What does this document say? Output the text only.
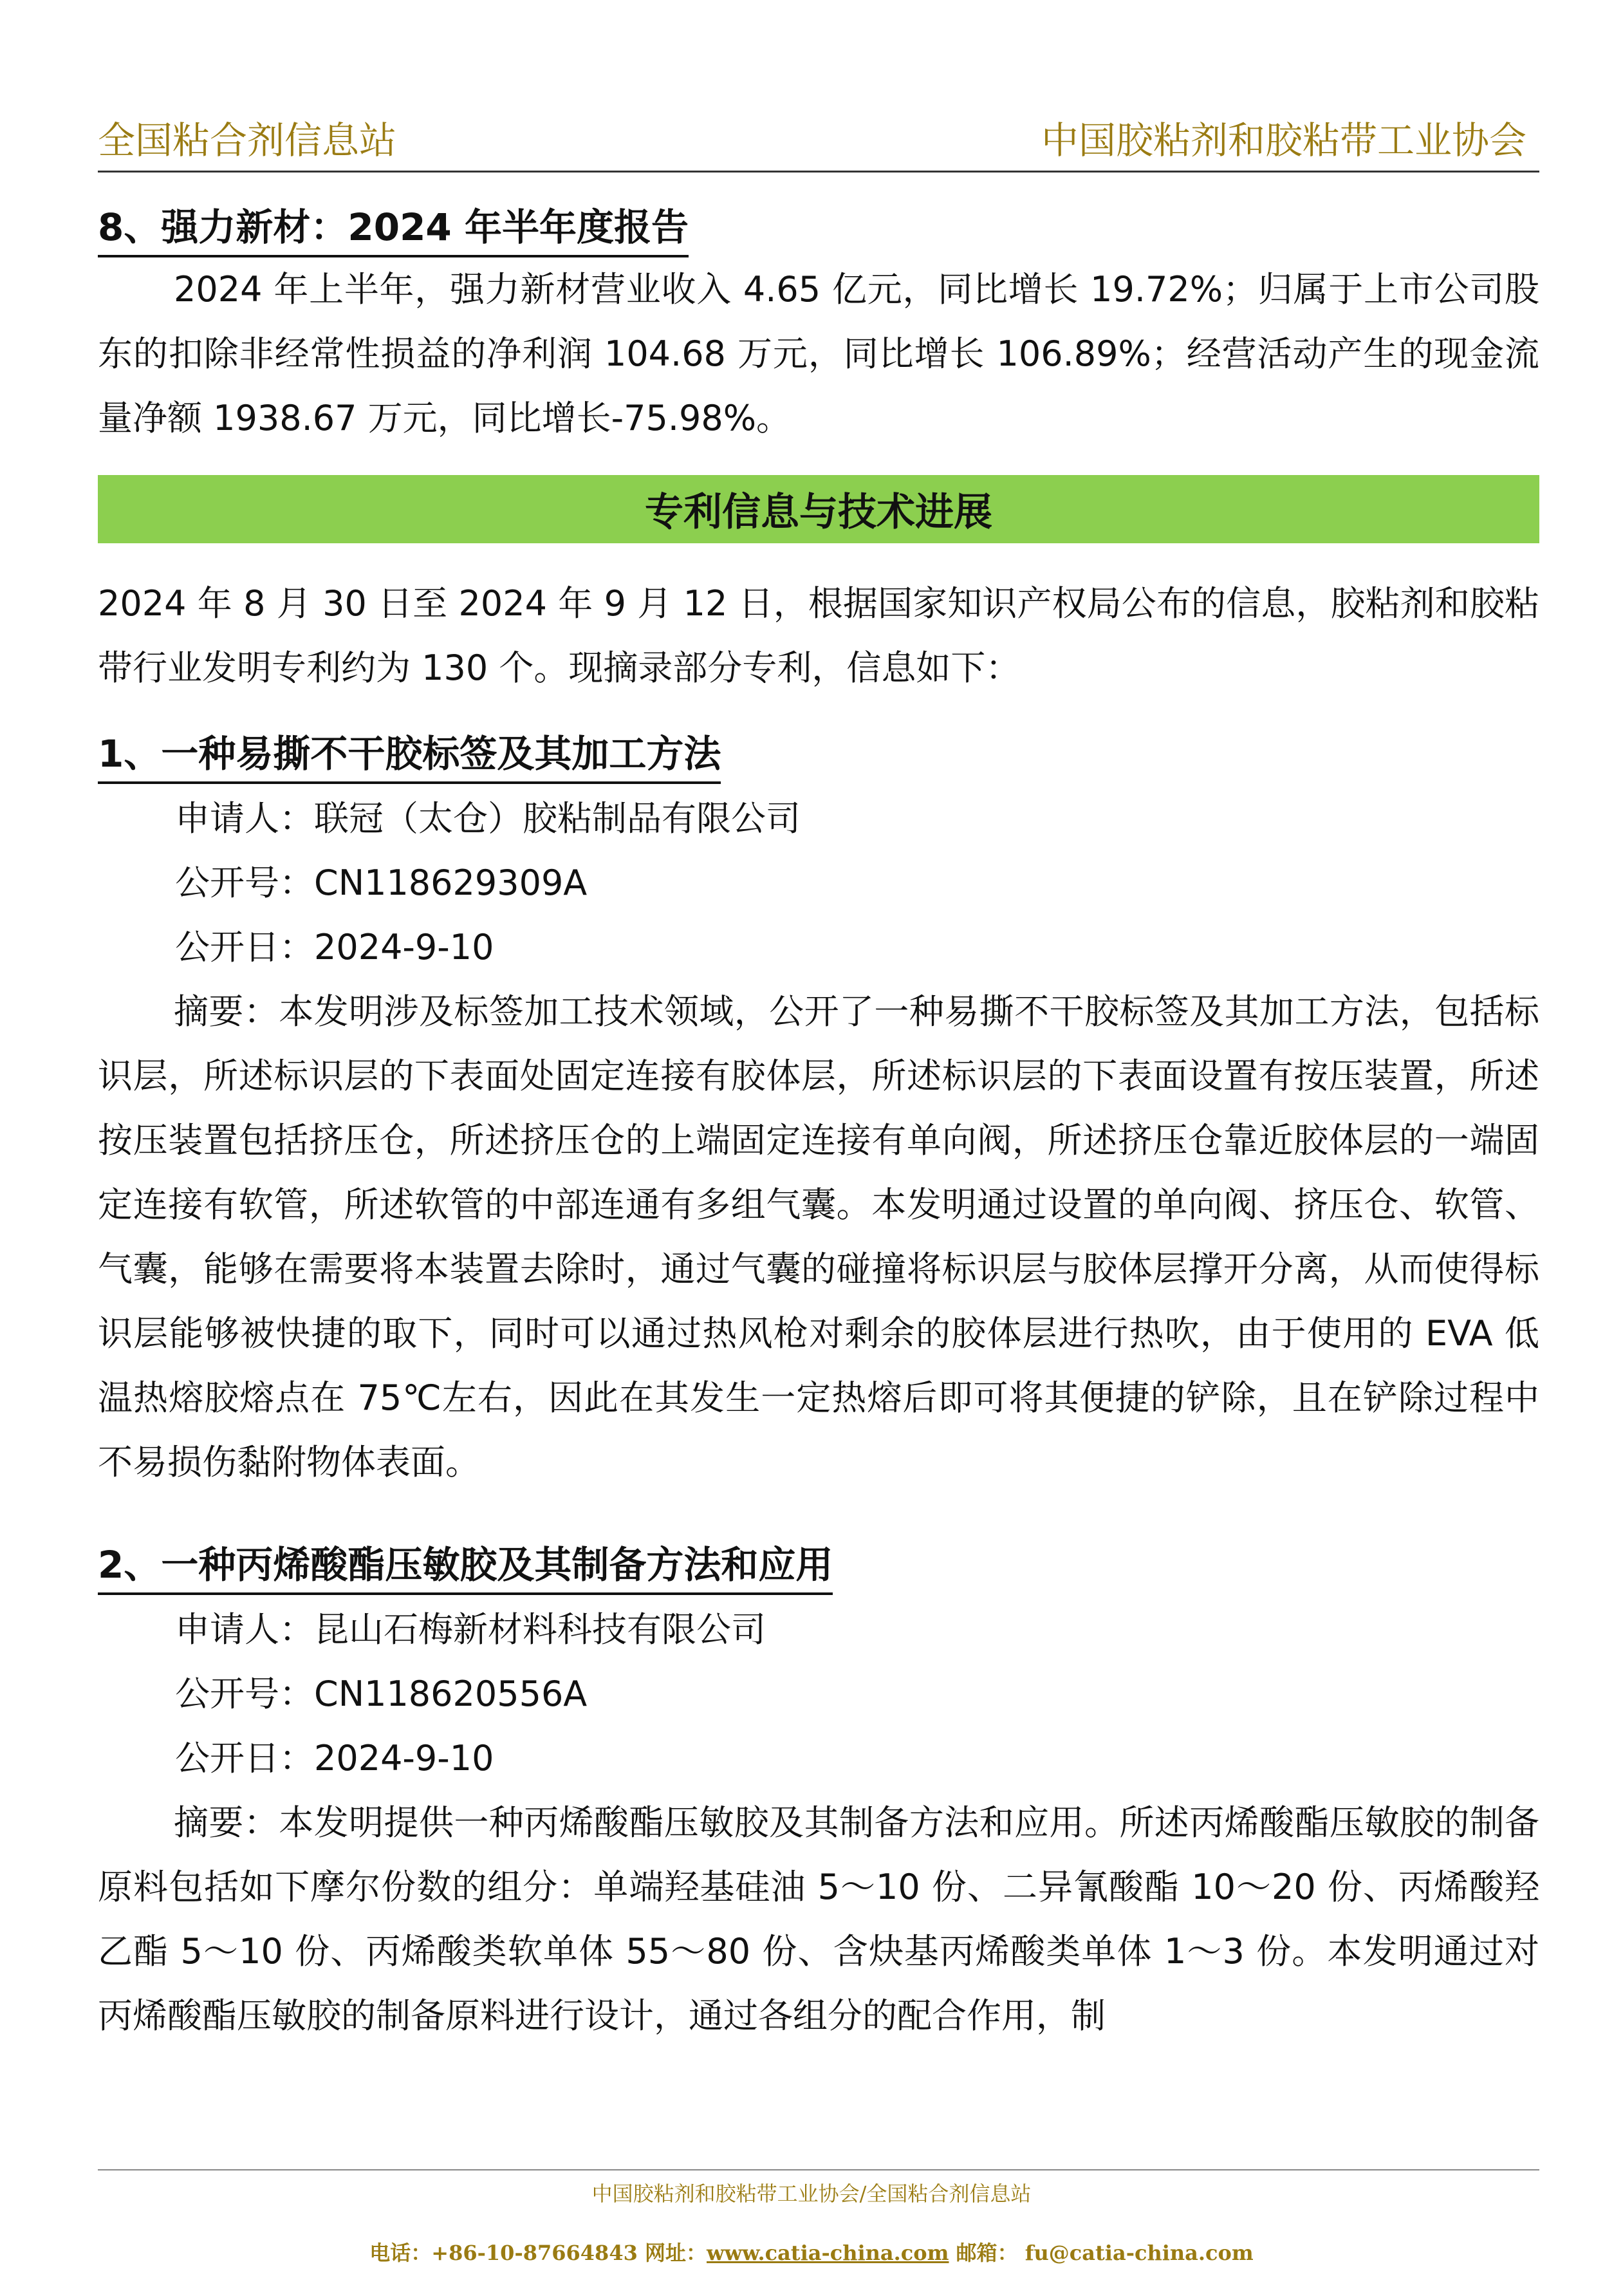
全国粘合剂信息站	中国胶粘剂和胶粘带工业协会
8、强力新材：2024 年半年度报告
2024 年上半年，强力新材营业收入 4.65 亿元，同比增长 19.72%；归属于上市公司股东的扣除非经常性损益的净利润 104.68 万元，同比增长 106.89%；经营活动产生的现金流量净额 1938.67 万元，同比增长-75.98%。
专利信息与技术进展
2024 年 8 月 30 日至 2024 年 9 月 12 日，根据国家知识产权局公布的信息，胶粘剂和胶粘带行业发明专利约为 130 个。现摘录部分专利，信息如下：
1、一种易撕不干胶标签及其加工方法
申请人：联冠（太仓）胶粘制品有限公司
公开号：CN118629309A
公开日：2024-9-10
摘要：本发明涉及标签加工技术领域，公开了一种易撕不干胶标签及其加工方法，包括标识层，所述标识层的下表面处固定连接有胶体层，所述标识层的下表面设置有按压装置，所述按压装置包括挤压仓，所述挤压仓的上端固定连接有单向阀，所述挤压仓靠近胶体层的一端固定连接有软管，所述软管的中部连通有多组气囊。本发明通过设置的单向阀、挤压仓、软管、气囊，能够在需要将本装置去除时，通过气囊的碰撞将标识层与胶体层撑开分离，从而使得标识层能够被快捷的取下，同时可以通过热风枪对剩余的胶体层进行热吹，由于使用的 EVA 低温热熔胶熔点在 75℃左右，因此在其发生一定热熔后即可将其便捷的铲除，且在铲除过程中不易损伤黏附物体表面。
2、一种丙烯酸酯压敏胶及其制备方法和应用
申请人：昆山石梅新材料科技有限公司
公开号：CN118620556A
公开日：2024-9-10
摘要：本发明提供一种丙烯酸酯压敏胶及其制备方法和应用。所述丙烯酸酯压敏胶的制备原料包括如下摩尔份数的组分：单端羟基硅油 5～10 份、二异氰酸酯 10～20 份、丙烯酸羟乙酯 5～10 份、丙烯酸类软单体 55～80 份、含炔基丙烯酸类单体 1～3 份。本发明通过对丙烯酸酯压敏胶的制备原料进行设计，通过各组分的配合作用，制
中国胶粘剂和胶粘带工业协会/全国粘合剂信息站
电话：+86-10-87664843 网址：www.catia-china.com 邮箱： fu@catia-china.com
